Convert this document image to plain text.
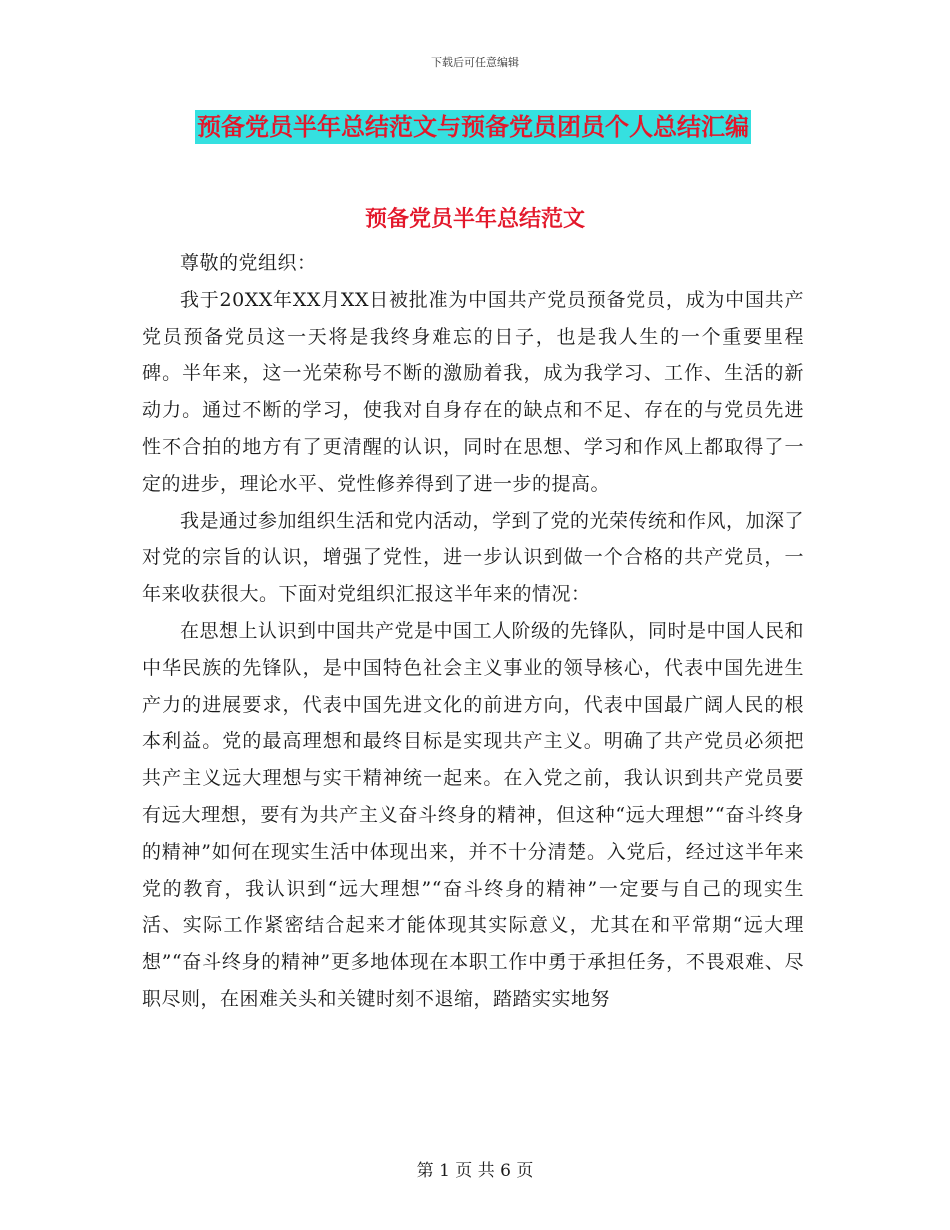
下载后可任意编辑
预备党员半年总结范文与预备党员团员个人总结汇编
预备党员半年总结范文

尊敬的党组织：

我于20XX年XX月XX日被批准为中国共产党员预备党员，成为中国共产党员预备党员这一天将是我终身难忘的日子，也是我人生的一个重要里程碑。半年来，这一光荣称号不断的激励着我，成为我学习、工作、生活的新动力。通过不断的学习，使我对自身存在的缺点和不足、存在的与党员先进性不合拍的地方有了更清醒的认识，同时在思想、学习和作风上都取得了一定的进步，理论水平、党性修养得到了进一步的提高。

我是通过参加组织生活和党内活动，学到了党的光荣传统和作风，加深了对党的宗旨的认识，增强了党性，进一步认识到做一个合格的共产党员，一年来收获很大。下面对党组织汇报这半年来的情况：

在思想上认识到中国共产党是中国工人阶级的先锋队，同时是中国人民和中华民族的先锋队，是中国特色社会主义事业的领导核心，代表中国先进生产力的进展要求，代表中国先进文化的前进方向，代表中国最广阔人民的根本利益。党的最高理想和最终目标是实现共产主义。明确了共产党员必须把共产主义远大理想与实干精神统一起来。在入党之前，我认识到共产党员要有远大理想，要有为共产主义奋斗终身的精神，但这种“远大理想”“奋斗终身的精神”如何在现实生活中体现出来，并不十分清楚。入党后，经过这半年来党的教育，我认识到“远大理想”“奋斗终身的精神”一定要与自己的现实生活、实际工作紧密结合起来才能体现其实际意义，尤其在和平常期“远大理想”“奋斗终身的精神”更多地体现在本职工作中勇于承担任务，不畏艰难、尽职尽则，在困难关头和关键时刻不退缩，踏踏实实地努

第 1 页 共 6 页
